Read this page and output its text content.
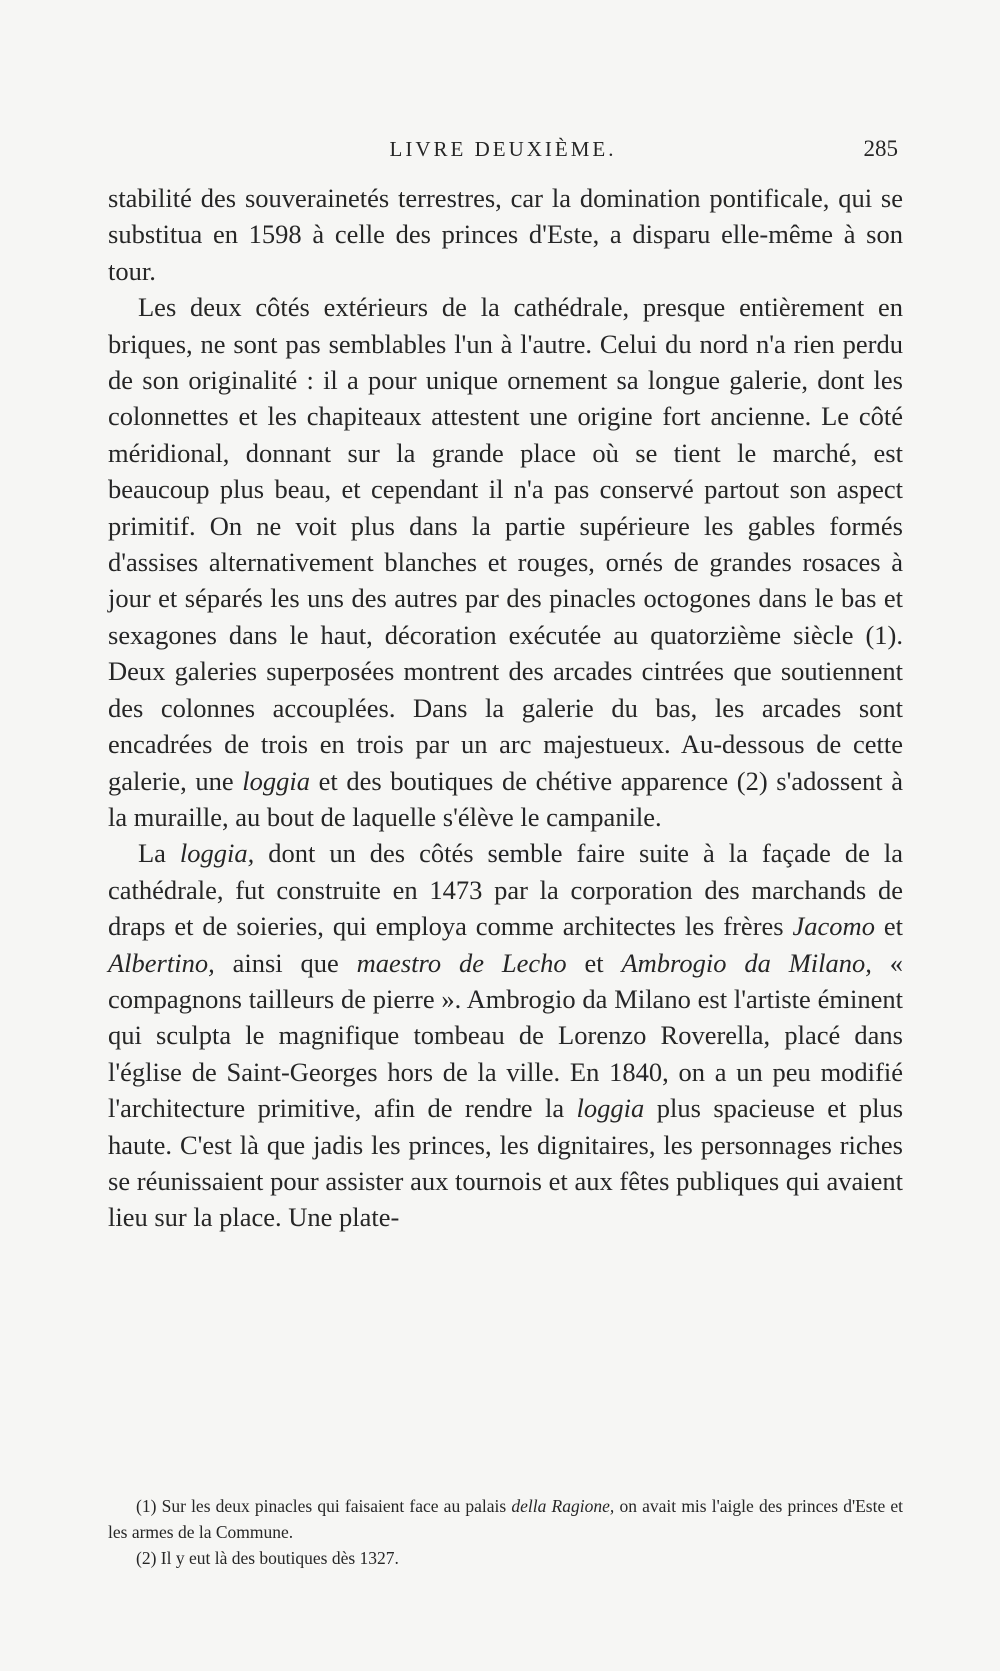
LIVRE DEUXIÈME.	285

stabilité des souverainetés terrestres, car la domination pontificale, qui se substitua en 1598 à celle des princes d'Este, a disparu elle-même à son tour.

Les deux côtés extérieurs de la cathédrale, presque entièrement en briques, ne sont pas semblables l'un à l'autre. Celui du nord n'a rien perdu de son originalité : il a pour unique ornement sa longue galerie, dont les colonnettes et les chapiteaux attestent une origine fort ancienne. Le côté méridional, donnant sur la grande place où se tient le marché, est beaucoup plus beau, et cependant il n'a pas conservé partout son aspect primitif. On ne voit plus dans la partie supérieure les gables formés d'assises alternativement blanches et rouges, ornés de grandes rosaces à jour et séparés les uns des autres par des pinacles octogones dans le bas et sexagones dans le haut, décoration exécutée au quatorzième siècle (1). Deux galeries superposées montrent des arcades cintrées que soutiennent des colonnes accouplées. Dans la galerie du bas, les arcades sont encadrées de trois en trois par un arc majestueux. Au-dessous de cette galerie, une loggia et des boutiques de chétive apparence (2) s'adossent à la muraille, au bout de laquelle s'élève le campanile.

La loggia, dont un des côtés semble faire suite à la façade de la cathédrale, fut construite en 1473 par la corporation des marchands de draps et de soieries, qui employa comme architectes les frères Jacomo et Albertino, ainsi que maestro de Lecho et Ambrogio da Milano, « compagnons tailleurs de pierre ». Ambrogio da Milano est l'artiste éminent qui sculpta le magnifique tombeau de Lorenzo Roverella, placé dans l'église de Saint-Georges hors de la ville. En 1840, on a un peu modifié l'architecture primitive, afin de rendre la loggia plus spacieuse et plus haute. C'est là que jadis les princes, les dignitaires, les personnages riches se réunissaient pour assister aux tournois et aux fêtes publiques qui avaient lieu sur la place. Une plate-

(1) Sur les deux pinacles qui faisaient face au palais della Ragione, on avait mis l'aigle des princes d'Este et les armes de la Commune.

(2) Il y eut là des boutiques dès 1327.
